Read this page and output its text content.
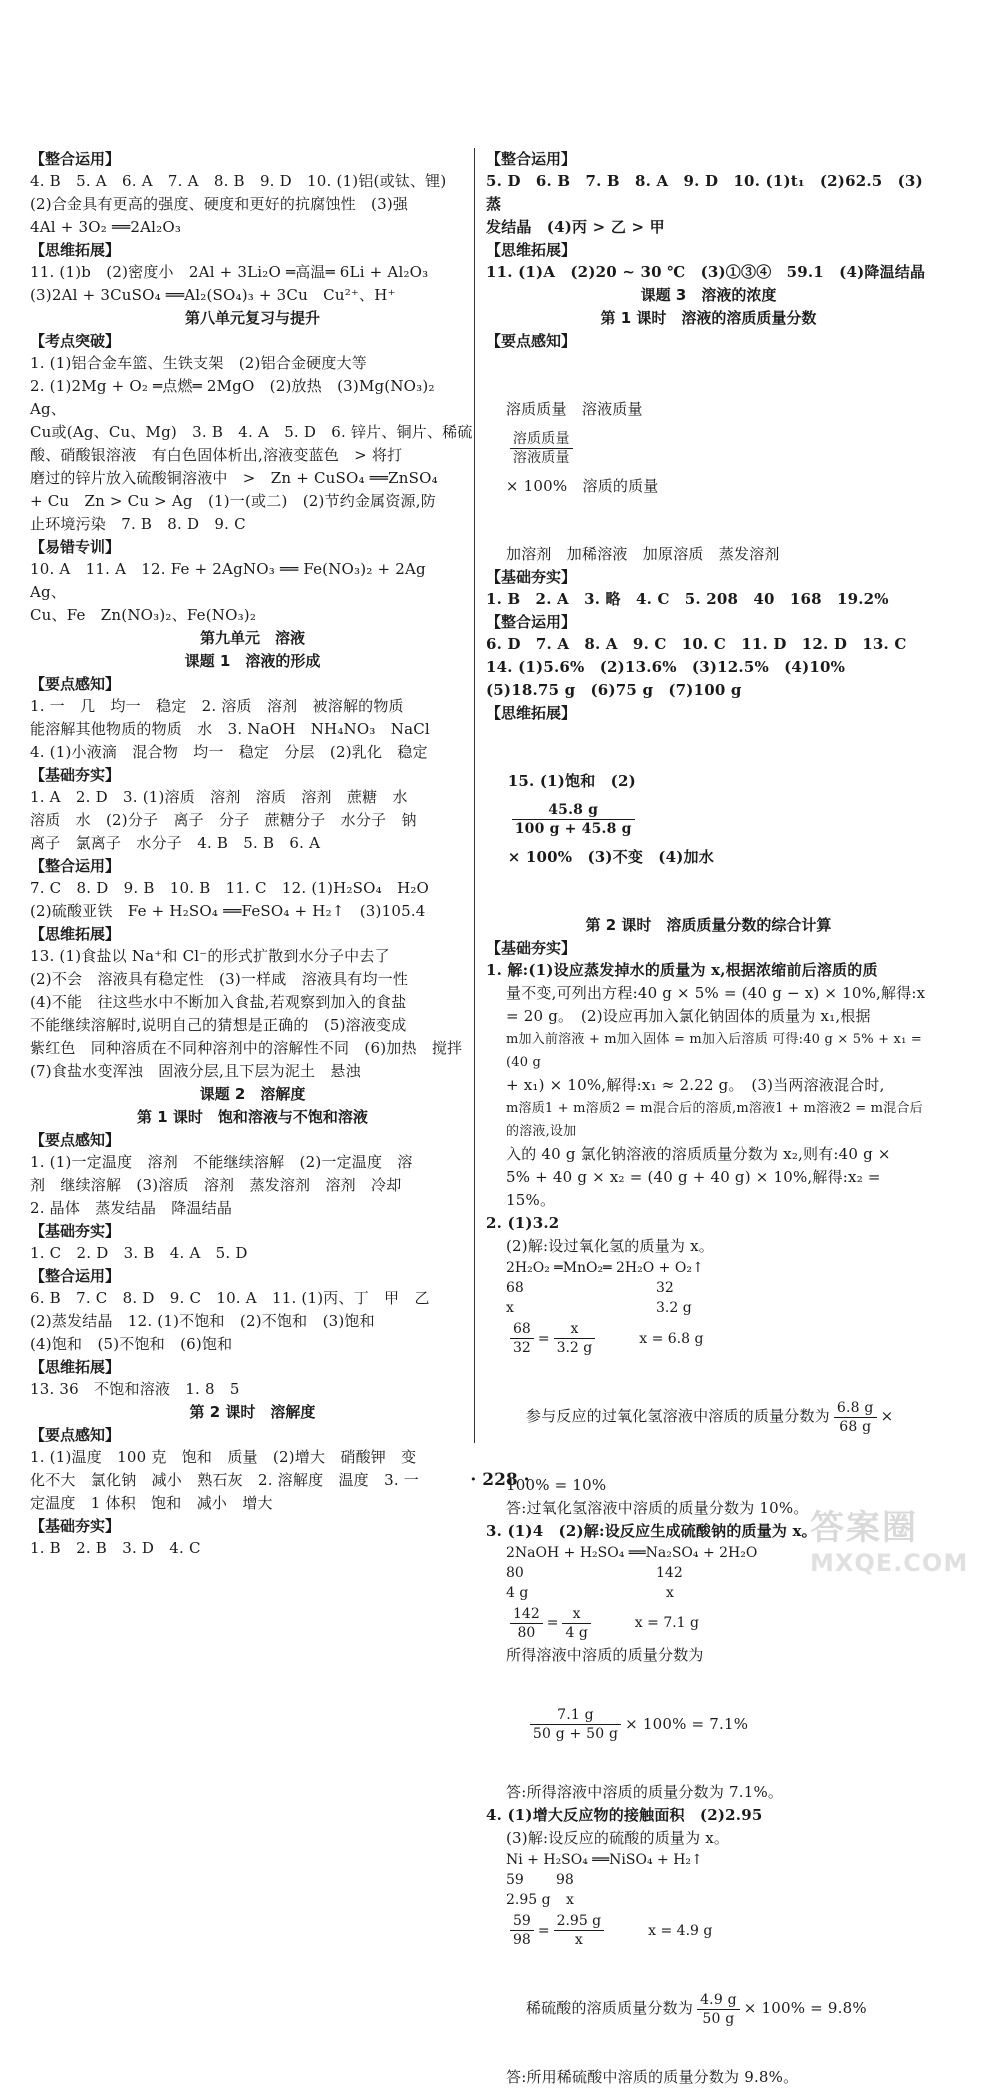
【整合运用】
4. B　5. A　6. A　7. A　8. B　9. D　10. (1)铝(或钛、锂)
(2)合金具有更高的强度、硬度和更好的抗腐蚀性　(3)强
4Al + 3O₂ ══2Al₂O₃
【思维拓展】
11. (1)b　(2)密度小　2Al + 3Li₂O ═高温═ 6Li + Al₂O₃
(3)2Al + 3CuSO₄ ══Al₂(SO₄)₃ + 3Cu　Cu²⁺、H⁺
第八单元复习与提升
【考点突破】
1. (1)铝合金车篮、生铁支架　(2)铝合金硬度大等
2. (1)2Mg + O₂ ═点燃═ 2MgO　(2)放热　(3)Mg(NO₃)₂　Ag、
Cu或(Ag、Cu、Mg)　3. B　4. A　5. D　6. 锌片、铜片、稀硫
酸、硝酸银溶液　有白色固体析出,溶液变蓝色　> 将打
磨过的锌片放入硫酸铜溶液中　>　Zn + CuSO₄ ══ZnSO₄
+ Cu　Zn > Cu > Ag　(1)一(或二)　(2)节约金属资源,防
止环境污染　7. B　8. D　9. C
【易错专训】
10. A　11. A　12. Fe + 2AgNO₃ ══ Fe(NO₃)₂ + 2Ag　Ag、
Cu、Fe　Zn(NO₃)₂、Fe(NO₃)₂
第九单元　溶液
课题 1　溶液的形成
【要点感知】
1. 一　几　均一　稳定　2. 溶质　溶剂　被溶解的物质
能溶解其他物质的物质　水　3. NaOH　NH₄NO₃　NaCl
4. (1)小液滴　混合物　均一　稳定　分层　(2)乳化　稳定
【基础夯实】
1. A　2. D　3. (1)溶质　溶剂　溶质　溶剂　蔗糖　水
溶质　水　(2)分子　离子　分子　蔗糖分子　水分子　钠
离子　氯离子　水分子　4. B　5. B　6. A
【整合运用】
7. C　8. D　9. B　10. B　11. C　12. (1)H₂SO₄　H₂O
(2)硫酸亚铁　Fe + H₂SO₄ ══FeSO₄ + H₂↑　(3)105.4
【思维拓展】
13. (1)食盐以 Na⁺和 Cl⁻的形式扩散到水分子中去了
(2)不会　溶液具有稳定性　(3)一样咸　溶液具有均一性
(4)不能　往这些水中不断加入食盐,若观察到加入的食盐
不能继续溶解时,说明自己的猜想是正确的　(5)溶液变成
紫红色　同种溶质在不同种溶剂中的溶解性不同　(6)加热　搅拌
(7)食盐水变浑浊　固液分层,且下层为泥土　悬浊
课题 2　溶解度
第 1 课时　饱和溶液与不饱和溶液
【要点感知】
1. (1)一定温度　溶剂　不能继续溶解　(2)一定温度　溶
剂　继续溶解　(3)溶质　溶剂　蒸发溶剂　溶剂　冷却
2. 晶体　蒸发结晶　降温结晶
【基础夯实】
1. C　2. D　3. B　4. A　5. D
【整合运用】
6. B　7. C　8. D　9. C　10. A　11. (1)丙、丁　甲　乙
(2)蒸发结晶　12. (1)不饱和　(2)不饱和　(3)饱和
(4)饱和　(5)不饱和　(6)饱和
【思维拓展】
13. 36　不饱和溶液　1. 8　5
第 2 课时　溶解度
【要点感知】
1. (1)温度　100 克　饱和　质量　(2)增大　硝酸钾　变
化不大　氯化钠　减小　熟石灰　2. 溶解度　温度　3. 一
定温度　1 体积　饱和　减小　增大
【基础夯实】
1. B　2. B　3. D　4. C
【整合运用】
5. D　6. B　7. B　8. A　9. D　10. (1)t₁　(2)62.5　(3)蒸
发结晶　(4)丙 > 乙 > 甲
【思维拓展】
11. (1)A　(2)20 ~ 30 ℃　(3)①③④　59.1　(4)降温结晶
课题 3　溶液的浓度
第 1 课时　溶液的溶质质量分数
【要点感知】

溶质质量　溶液质量

$\frac{\text{溶质质量}}{\text{溶液质量}}$

× 100%　溶质的质量

加溶剂　加稀溶液　加原溶质　蒸发溶剂
【基础夯实】
1. B　2. A　3. 略　4. C　5. 208　40　168　19.2%
【整合运用】
6. D　7. A　8. A　9. C　10. C　11. D　12. D　13. C
14. (1)5.6%　(2)13.6%　(3)12.5%　(4)10%
(5)18.75 g　(6)75 g　(7)100 g
【思维拓展】

15. (1)饱和　(2)

$\frac{45.8 g}{100 g + 45.8 g}$

× 100%　(3)不变　(4)加水

第 2 课时　溶质质量分数的综合计算
【基础夯实】
1. 解:(1)设应蒸发掉水的质量为 x,根据浓缩前后溶质的质
量不变,可列出方程:40 g × 5% = (40 g − x) × 10%,解得:x
= 20 g。　(2)设应再加入氯化钠固体的质量为 x₁,根据
m加入前溶液 + m加入固体 = m加入后溶质 可得:40 g × 5% + x₁ = (40 g
+ x₁) × 10%,解得:x₁ ≈ 2.22 g。　(3)当两溶液混合时,
m溶质1 + m溶质2 = m混合后的溶质,m溶液1 + m溶液2 = m混合后的溶液,设加
入的 40 g 氯化钠溶液的溶质质量分数为 x₂,则有:40 g ×
5% + 40 g × x₂ = (40 g + 40 g) × 10%,解得:x₂ = 15%。
2. (1)3.2
(2)解:设过氧化氢的质量为 x。
2H₂O₂ ═MnO₂═ 2H₂O + O₂↑
68	32
x	3.2 g
$\frac{68}{32} = \frac{x}{3.2 g}$	x = 6.8 g

参与反应的过氧化氢溶液中溶质的质量分数为 $\frac{6.8 g}{68 g}$ ×

100% = 10%
答:过氧化氢溶液中溶质的质量分数为 10%。
3. (1)4　(2)解:设反应生成硫酸钠的质量为 x。
2NaOH + H₂SO₄ ══Na₂SO₄ + 2H₂O
80	142
4 g	x
$\frac{142}{80} = \frac{x}{4 g}$	x = 7.1 g
所得溶液中溶质的质量分数为

$\frac{7.1 g}{50 g + 50 g} \times 100\% = 7.1\%$

答:所得溶液中溶质的质量分数为 7.1%。
4. (1)增大反应物的接触面积　(2)2.95
(3)解:设反应的硫酸的质量为 x。
Ni + H₂SO₄ ══NiSO₄ + H₂↑
59	98
2.95 g	x
$\frac{59}{98} = \frac{2.95 g}{x}$	x = 4.9 g

稀硫酸的溶质质量分数为 $\frac{4.9 g}{50 g} \times 100\% = 9.8\%$

答:所用稀硫酸中溶质的质量分数为 9.8%。
· 228 ·
答案圈
MXQE.COM
